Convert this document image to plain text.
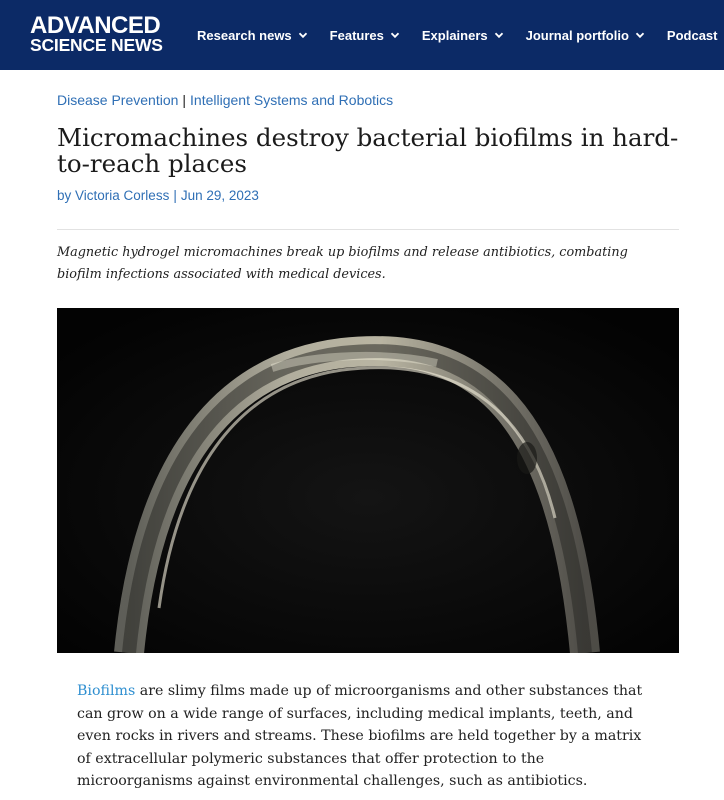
ADVANCED
SCIENCE NEWS	Research news	Features	Explainers	Journal portfolio	Podcast
Disease Prevention | Intelligent Systems and Robotics
Micromachines destroy bacterial biofilms in hard-to-reach places
by Victoria Corless | Jun 29, 2023

Magnetic hydrogel micromachines break up biofilms and release antibiotics, combating biofilm infections associated with medical devices.

Biofilms are slimy films made up of microorganisms and other substances that can grow on a wide range of surfaces, including medical implants, teeth, and even rocks in rivers and streams. These biofilms are held together by a matrix of extracellular polymeric substances that offer protection to the microorganisms against environmental challenges, such as antibiotics.
